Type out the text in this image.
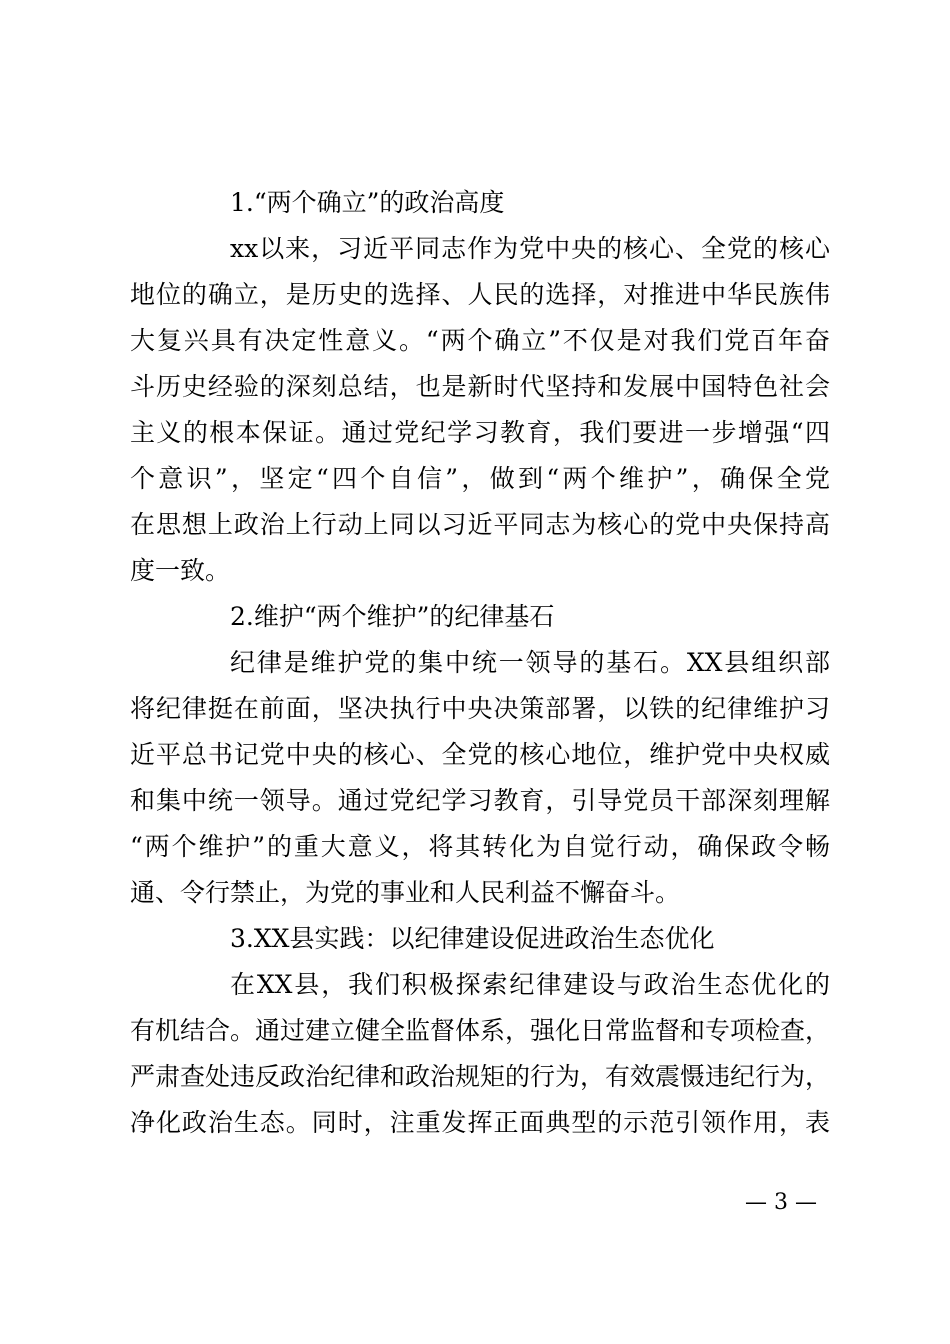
1.“两个确立”的政治高度
xx以来，习近平同志作为党中央的核心、全党的核心
地位的确立，是历史的选择、人民的选择，对推进中华民族伟
大复兴具有决定性意义。“两个确立”不仅是对我们党百年奋
斗历史经验的深刻总结，也是新时代坚持和发展中国特色社会
主义的根本保证。通过党纪学习教育，我们要进一步增强“四
个意识”，坚定“四个自信”，做到“两个维护”，确保全党
在思想上政治上行动上同以习近平同志为核心的党中央保持高
度一致。
2.维护“两个维护”的纪律基石
纪律是维护党的集中统一领导的基石。XX县组织部
将纪律挺在前面，坚决执行中央决策部署，以铁的纪律维护习
近平总书记党中央的核心、全党的核心地位，维护党中央权威
和集中统一领导。通过党纪学习教育，引导党员干部深刻理解
“两个维护”的重大意义，将其转化为自觉行动，确保政令畅
通、令行禁止，为党的事业和人民利益不懈奋斗。
3.XX县实践：以纪律建设促进政治生态优化
在XX县，我们积极探索纪律建设与政治生态优化的
有机结合。通过建立健全监督体系，强化日常监督和专项检查，
严肃查处违反政治纪律和政治规矩的行为，有效震慑违纪行为，
净化政治生态。同时，注重发挥正面典型的示范引领作用，表
— 3 —
